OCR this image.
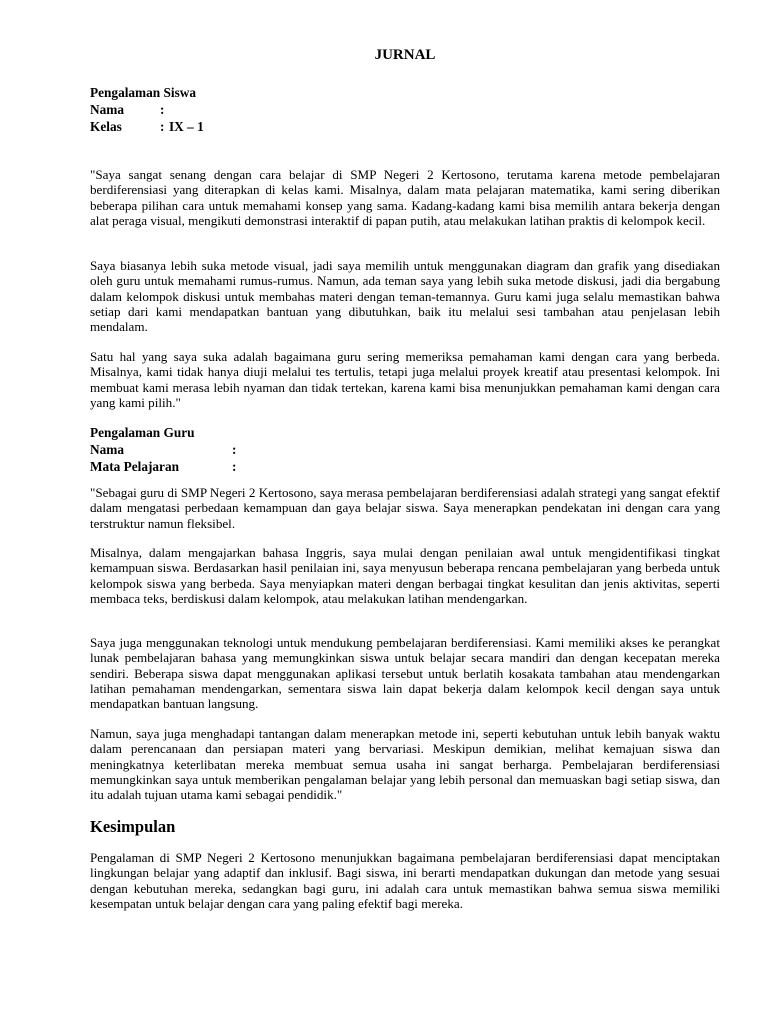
JURNAL
Pengalaman Siswa
Nama	:
Kelas	: IX – 1

"Saya sangat senang dengan cara belajar di SMP Negeri 2 Kertosono, terutama karena metode pembelajaran berdiferensiasi yang diterapkan di kelas kami. Misalnya, dalam mata pelajaran matematika, kami sering diberikan beberapa pilihan cara untuk memahami konsep yang sama. Kadang-kadang kami bisa memilih antara bekerja dengan alat peraga visual, mengikuti demonstrasi interaktif di papan putih, atau melakukan latihan praktis di kelompok kecil.

Saya biasanya lebih suka metode visual, jadi saya memilih untuk menggunakan diagram dan grafik yang disediakan oleh guru untuk memahami rumus-rumus. Namun, ada teman saya yang lebih suka metode diskusi, jadi dia bergabung dalam kelompok diskusi untuk membahas materi dengan teman-temannya. Guru kami juga selalu memastikan bahwa setiap dari kami mendapatkan bantuan yang dibutuhkan, baik itu melalui sesi tambahan atau penjelasan lebih mendalam.

Satu hal yang saya suka adalah bagaimana guru sering memeriksa pemahaman kami dengan cara yang berbeda. Misalnya, kami tidak hanya diuji melalui tes tertulis, tetapi juga melalui proyek kreatif atau presentasi kelompok. Ini membuat kami merasa lebih nyaman dan tidak tertekan, karena kami bisa menunjukkan pemahaman kami dengan cara yang kami pilih."

Pengalaman Guru
Nama	:
Mata Pelajaran	:

"Sebagai guru di SMP Negeri 2 Kertosono, saya merasa pembelajaran berdiferensiasi adalah strategi yang sangat efektif dalam mengatasi perbedaan kemampuan dan gaya belajar siswa. Saya menerapkan pendekatan ini dengan cara yang terstruktur namun fleksibel.

Misalnya, dalam mengajarkan bahasa Inggris, saya mulai dengan penilaian awal untuk mengidentifikasi tingkat kemampuan siswa. Berdasarkan hasil penilaian ini, saya menyusun beberapa rencana pembelajaran yang berbeda untuk kelompok siswa yang berbeda. Saya menyiapkan materi dengan berbagai tingkat kesulitan dan jenis aktivitas, seperti membaca teks, berdiskusi dalam kelompok, atau melakukan latihan mendengarkan.

Saya juga menggunakan teknologi untuk mendukung pembelajaran berdiferensiasi. Kami memiliki akses ke perangkat lunak pembelajaran bahasa yang memungkinkan siswa untuk belajar secara mandiri dan dengan kecepatan mereka sendiri. Beberapa siswa dapat menggunakan aplikasi tersebut untuk berlatih kosakata tambahan atau mendengarkan latihan pemahaman mendengarkan, sementara siswa lain dapat bekerja dalam kelompok kecil dengan saya untuk mendapatkan bantuan langsung.

Namun, saya juga menghadapi tantangan dalam menerapkan metode ini, seperti kebutuhan untuk lebih banyak waktu dalam perencanaan dan persiapan materi yang bervariasi. Meskipun demikian, melihat kemajuan siswa dan meningkatnya keterlibatan mereka membuat semua usaha ini sangat berharga. Pembelajaran berdiferensiasi memungkinkan saya untuk memberikan pengalaman belajar yang lebih personal dan memuaskan bagi setiap siswa, dan itu adalah tujuan utama kami sebagai pendidik."

Kesimpulan

Pengalaman di SMP Negeri 2 Kertosono menunjukkan bagaimana pembelajaran berdiferensiasi dapat menciptakan lingkungan belajar yang adaptif dan inklusif. Bagi siswa, ini berarti mendapatkan dukungan dan metode yang sesuai dengan kebutuhan mereka, sedangkan bagi guru, ini adalah cara untuk memastikan bahwa semua siswa memiliki kesempatan untuk belajar dengan cara yang paling efektif bagi mereka.
